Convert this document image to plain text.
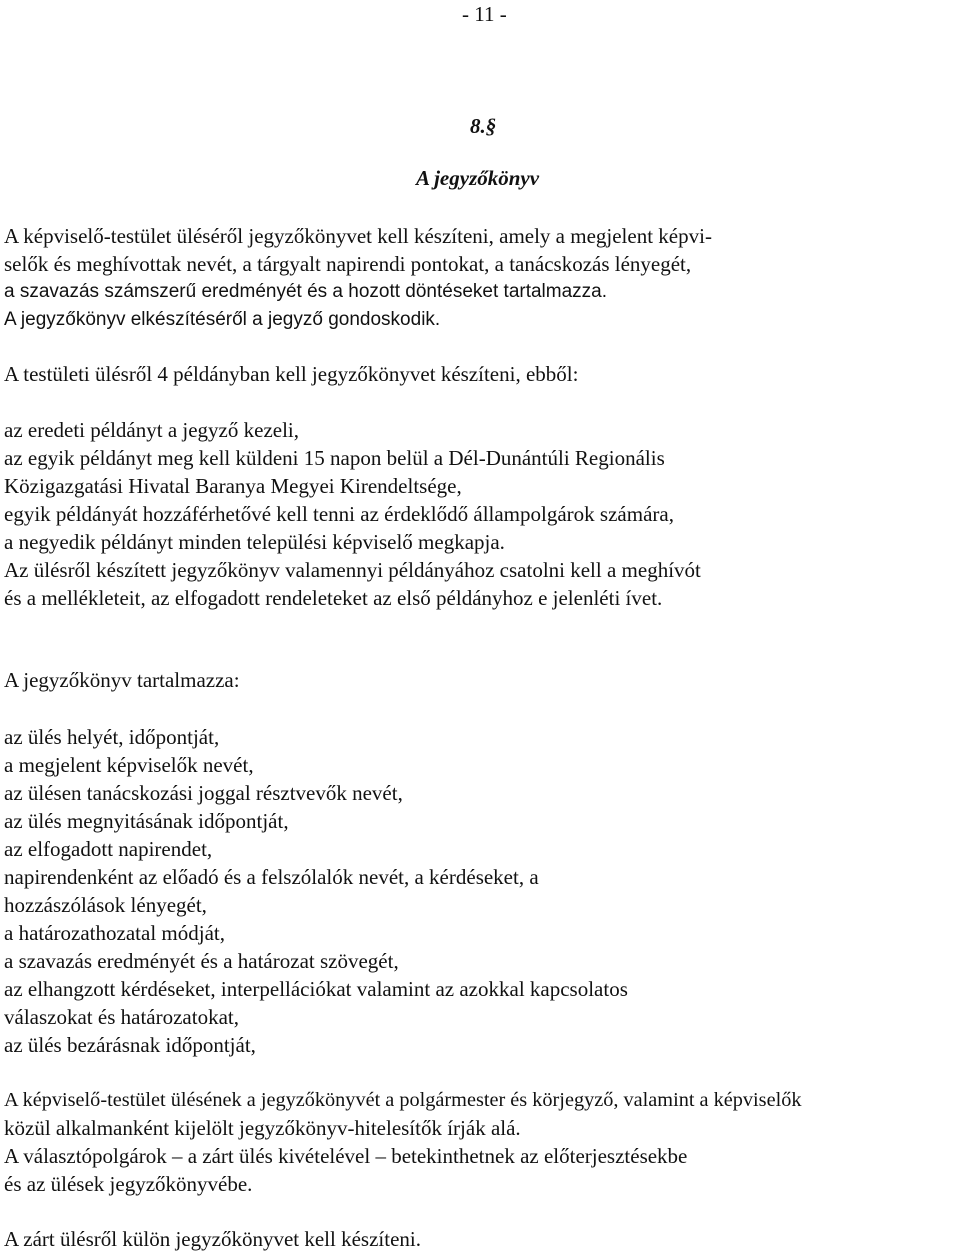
- 11 -
8.§
A jegyzőkönyv
A képviselő-testület üléséről jegyzőkönyvet kell készíteni, amely a megjelent képvi-
selők és meghívottak nevét, a tárgyalt napirendi pontokat, a tanácskozás lényegét,
a szavazás számszerű eredményét és a hozott döntéseket tartalmazza.
A jegyzőkönyv elkészítéséről a jegyző gondoskodik.
A testületi ülésről 4 példányban kell jegyzőkönyvet készíteni, ebből:
az eredeti példányt a jegyző kezeli,
az egyik példányt meg kell küldeni 15 napon belül a Dél-Dunántúli Regionális
Közigazgatási Hivatal Baranya Megyei Kirendeltsége,
egyik példányát hozzáférhetővé kell tenni az érdeklődő állampolgárok számára,
a negyedik példányt minden települési képviselő megkapja.
Az ülésről készített jegyzőkönyv valamennyi példányához csatolni kell a meghívót
és a mellékleteit, az elfogadott rendeleteket az első példányhoz e jelenléti ívet.
A jegyzőkönyv tartalmazza:
az ülés helyét, időpontját,
a megjelent képviselők nevét,
az ülésen tanácskozási joggal résztvevők nevét,
az ülés megnyitásának időpontját,
az elfogadott napirendet,
napirendenként az előadó és a felszólalók nevét, a kérdéseket, a
hozzászólások lényegét,
a határozathozatal módját,
a szavazás eredményét és a határozat szövegét,
az elhangzott kérdéseket, interpellációkat valamint az azokkal kapcsolatos
válaszokat és határozatokat,
az ülés bezárásnak időpontját,
A képviselő-testület ülésének a jegyzőkönyvét a polgármester és körjegyző, valamint a képviselők
közül alkalmanként kijelölt jegyzőkönyv-hitelesítők írják alá.
A választópolgárok – a zárt ülés kivételével – betekinthetnek az előterjesztésekbe
és az ülések jegyzőkönyvébe.
A zárt ülésről külön jegyzőkönyvet kell készíteni.
